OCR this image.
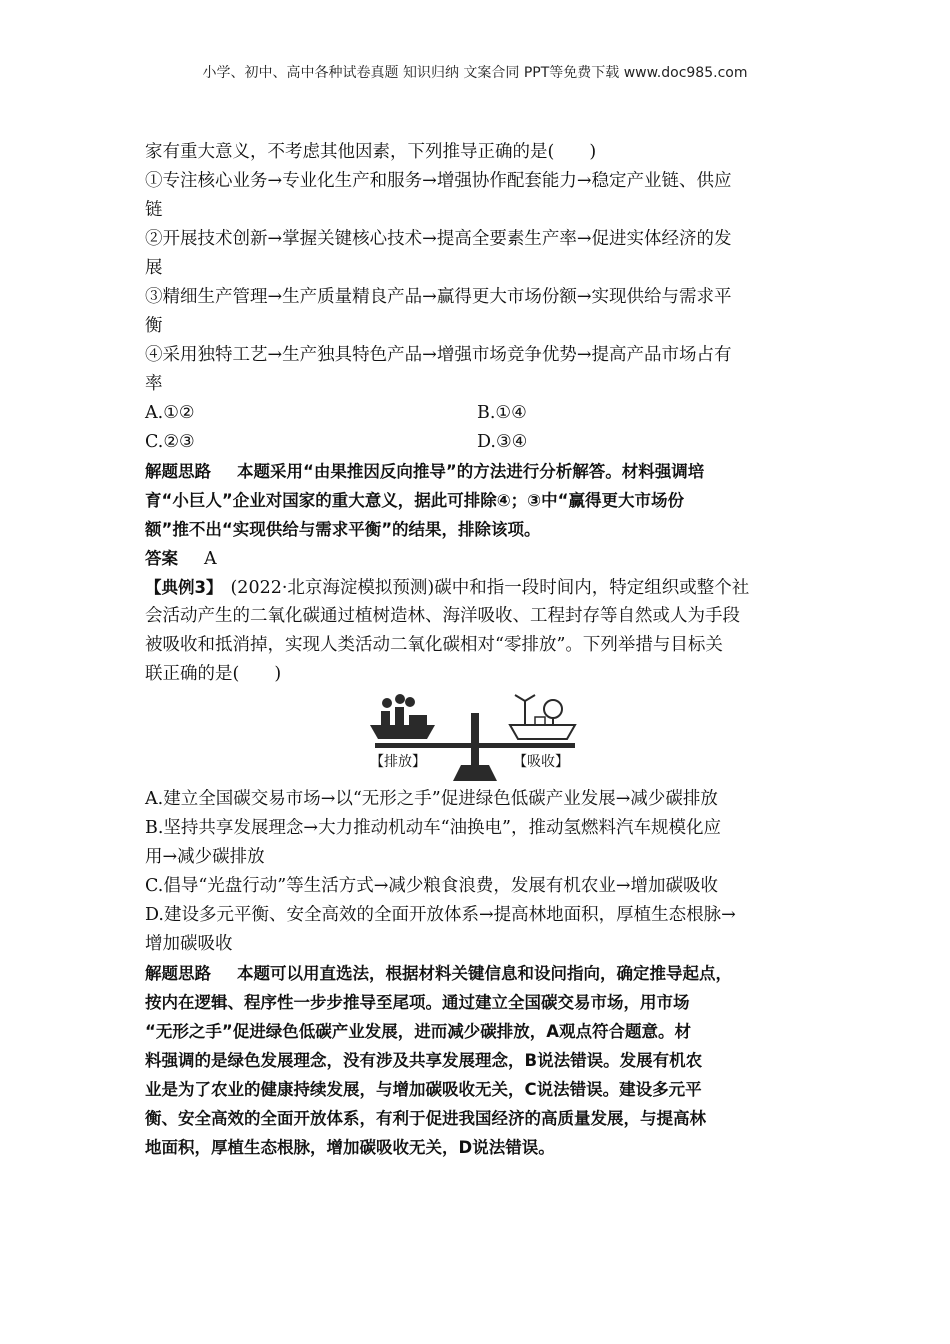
小学、初中、高中各种试卷真题 知识归纳 文案合同 PPT等免费下载 www.doc985.com
家有重大意义，不考虑其他因素，下列推导正确的是(　　)
①专注核心业务→专业化生产和服务→增强协作配套能力→稳定产业链、供应
链
②开展技术创新→掌握关键核心技术→提高全要素生产率→促进实体经济的发
展
③精细生产管理→生产质量精良产品→赢得更大市场份额→实现供给与需求平
衡
④采用独特工艺→生产独具特色产品→增强市场竞争优势→提高产品市场占有
率
A.①②	B.①④
C.②③	D.③④
解题思路 本题采用“由果推因反向推导”的方法进行分析解答。材料强调培
育“小巨人”企业对国家的重大意义，据此可排除④；③中“赢得更大市场份
额”推不出“实现供给与需求平衡”的结果，排除该项。
答案 A
【典例3】 (2022·北京海淀模拟预测)碳中和指一段时间内，特定组织或整个社
会活动产生的二氧化碳通过植树造林、海洋吸收、工程封存等自然或人为手段
被吸收和抵消掉，实现人类活动二氧化碳相对“零排放”。下列举措与目标关
联正确的是(　　)
【排放】	【吸收】
A.建立全国碳交易市场→以“无形之手”促进绿色低碳产业发展→减少碳排放
B.坚持共享发展理念→大力推动机动车“油换电”，推动氢燃料汽车规模化应
用→减少碳排放
C.倡导“光盘行动”等生活方式→减少粮食浪费，发展有机农业→增加碳吸收
D.建设多元平衡、安全高效的全面开放体系→提高林地面积，厚植生态根脉→
增加碳吸收
解题思路 本题可以用直选法，根据材料关键信息和设问指向，确定推导起点，
按内在逻辑、程序性一步步推导至尾项。通过建立全国碳交易市场，用市场
“无形之手”促进绿色低碳产业发展，进而减少碳排放，A观点符合题意。材
料强调的是绿色发展理念，没有涉及共享发展理念，B说法错误。发展有机农
业是为了农业的健康持续发展，与增加碳吸收无关，C说法错误。建设多元平
衡、安全高效的全面开放体系，有利于促进我国经济的高质量发展，与提高林
地面积，厚植生态根脉，增加碳吸收无关，D说法错误。
